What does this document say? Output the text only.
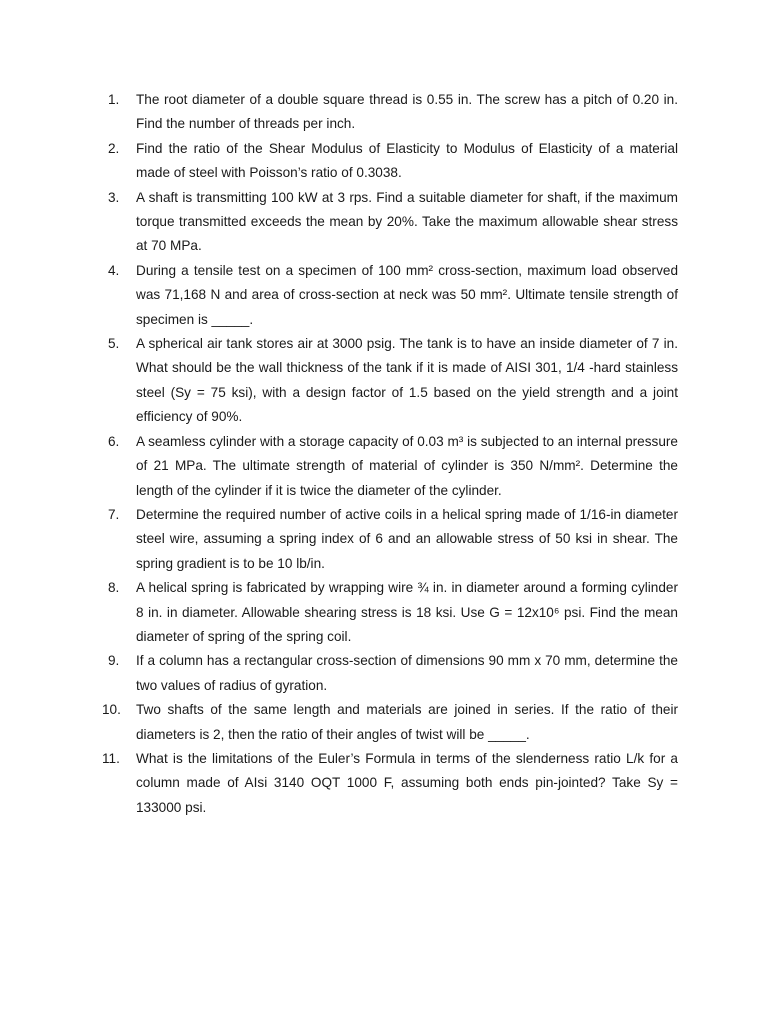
1.	The root diameter of a double square thread is 0.55 in. The screw has a pitch of 0.20 in. Find the number of threads per inch.
2.	Find the ratio of the Shear Modulus of Elasticity to Modulus of Elasticity of a material made of steel with Poisson’s ratio of 0.3038.
3.	A shaft is transmitting 100 kW at 3 rps. Find a suitable diameter for shaft, if the maximum torque transmitted exceeds the mean by 20%. Take the maximum allowable shear stress at 70 MPa.
4.	During a tensile test on a specimen of 100 mm² cross-section, maximum load observed was 71,168 N and area of cross-section at neck was 50 mm². Ultimate tensile strength of specimen is _____.
5.	A spherical air tank stores air at 3000 psig. The tank is to have an inside diameter of 7 in. What should be the wall thickness of the tank if it is made of AISI 301, 1/4 -hard stainless steel (Sy = 75 ksi), with a design factor of 1.5 based on the yield strength and a joint efficiency of 90%.
6.	A seamless cylinder with a storage capacity of 0.03 m³ is subjected to an internal pressure of 21 MPa. The ultimate strength of material of cylinder is 350 N/mm². Determine the length of the cylinder if it is twice the diameter of the cylinder.
7.	Determine the required number of active coils in a helical spring made of 1/16-in diameter steel wire, assuming a spring index of 6 and an allowable stress of 50 ksi in shear. The spring gradient is to be 10 lb/in.
8.	A helical spring is fabricated by wrapping wire ¾ in. in diameter around a forming cylinder 8 in. in diameter. Allowable shearing stress is 18 ksi. Use G = 12x10⁶ psi. Find the mean diameter of spring of the spring coil.
9.	If a column has a rectangular cross-section of dimensions 90 mm x 70 mm, determine the two values of radius of gyration.
10.	Two shafts of the same length and materials are joined in series. If the ratio of their diameters is 2, then the ratio of their angles of twist will be _____.
11.	What is the limitations of the Euler’s Formula in terms of the slenderness ratio L/k for a column made of AIsi 3140 OQT 1000 F, assuming both ends pin-jointed? Take Sy = 133000 psi.
